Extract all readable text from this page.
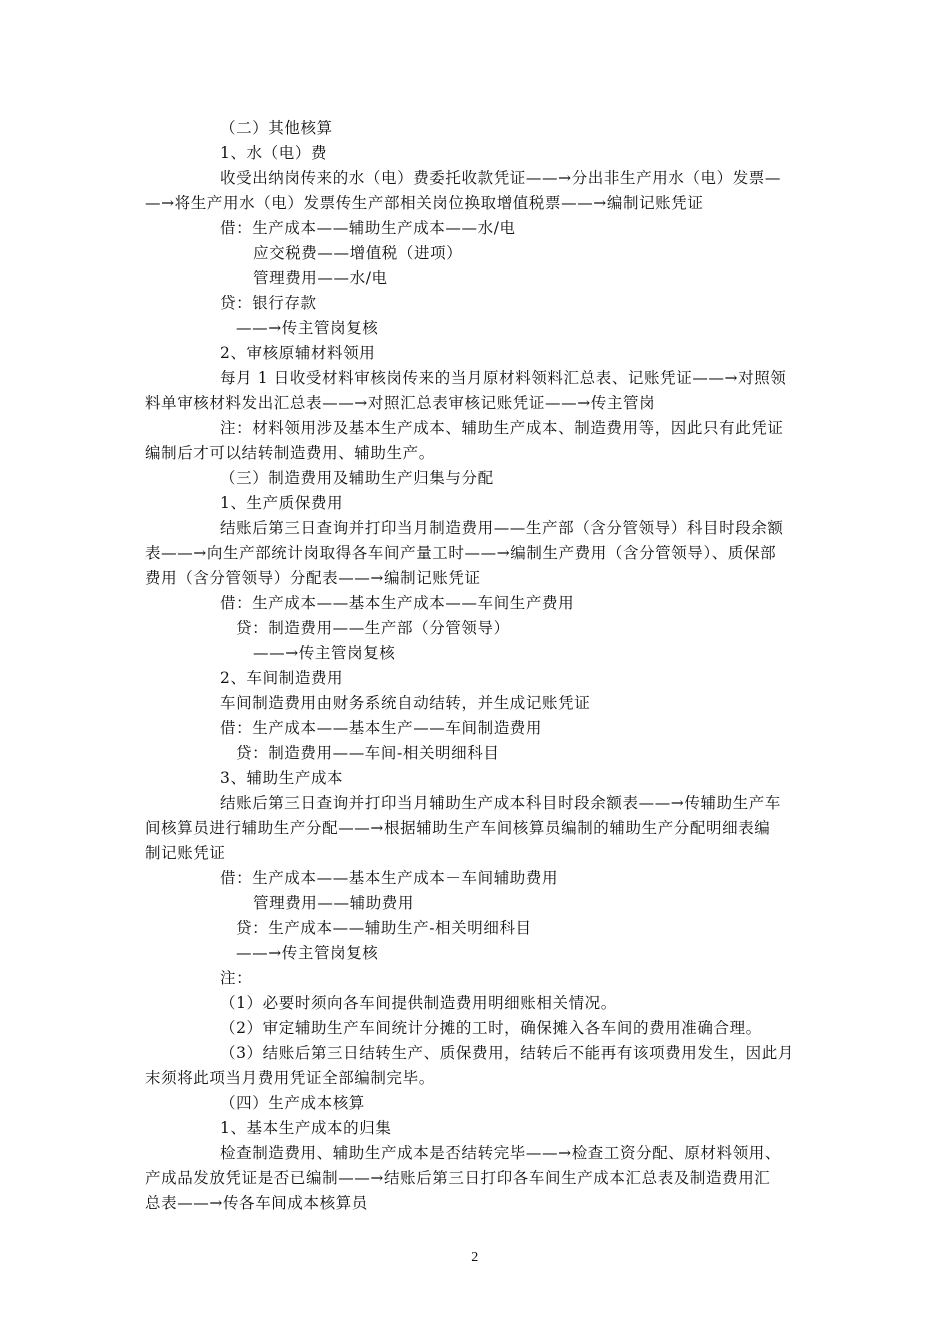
（二）其他核算
1、水（电）费
收受出纳岗传来的水（电）费委托收款凭证——→分出非生产用水（电）发票—
—→将生产用水（电）发票传生产部相关岗位换取增值税票——→编制记账凭证
借：生产成本——辅助生产成本——水/电
应交税费——增值税（进项）
管理费用——水/电
贷：银行存款
——→传主管岗复核
2、审核原辅材料领用
每月 1 日收受材料审核岗传来的当月原材料领料汇总表、记账凭证——→对照领
料单审核材料发出汇总表——→对照汇总表审核记账凭证——→传主管岗
注：材料领用涉及基本生产成本、辅助生产成本、制造费用等，因此只有此凭证
编制后才可以结转制造费用、辅助生产。
（三）制造费用及辅助生产归集与分配
1、生产质保费用
结账后第三日查询并打印当月制造费用——生产部（含分管领导）科目时段余额
表——→向生产部统计岗取得各车间产量工时——→编制生产费用（含分管领导）、质保部
费用（含分管领导）分配表——→编制记账凭证
借：生产成本——基本生产成本——车间生产费用
贷：制造费用——生产部（分管领导）
——→传主管岗复核
2、车间制造费用
车间制造费用由财务系统自动结转，并生成记账凭证
借：生产成本——基本生产——车间制造费用
贷：制造费用——车间-相关明细科目
3、辅助生产成本
结账后第三日查询并打印当月辅助生产成本科目时段余额表——→传辅助生产车
间核算员进行辅助生产分配——→根据辅助生产车间核算员编制的辅助生产分配明细表编
制记账凭证
借：生产成本——基本生产成本－车间辅助费用
管理费用——辅助费用
贷：生产成本——辅助生产-相关明细科目
——→传主管岗复核
注：
（1）必要时须向各车间提供制造费用明细账相关情况。
（2）审定辅助生产车间统计分摊的工时，确保摊入各车间的费用准确合理。
（3）结账后第三日结转生产、质保费用，结转后不能再有该项费用发生，因此月
末须将此项当月费用凭证全部编制完毕。
（四）生产成本核算
1、基本生产成本的归集
检查制造费用、辅助生产成本是否结转完毕——→检查工资分配、原材料领用、
产成品发放凭证是否已编制——→结账后第三日打印各车间生产成本汇总表及制造费用汇
总表——→传各车间成本核算员
2
